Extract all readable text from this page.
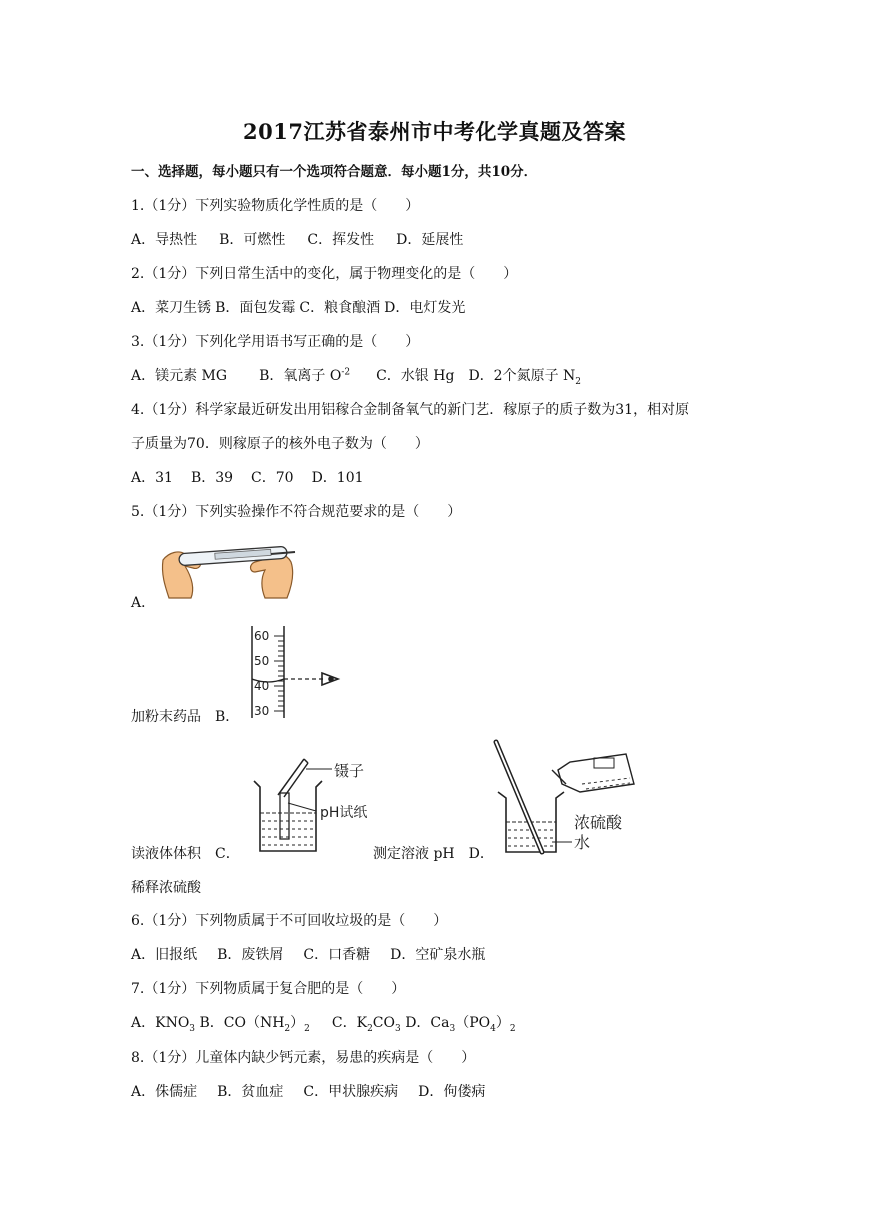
2017江苏省泰州市中考化学真题及答案
一、选择题，每小题只有一个选项符合题意．每小题1分，共10分．
1.（1分）下列实验物质化学性质的是（　　）
A．导热性 B．可燃性 C．挥发性 D．延展性
2.（1分）下列日常生活中的变化，属于物理变化的是（　　）
A．菜刀生锈 B．面包发霉 C．粮食酿酒 D．电灯发光
3.（1分）下列化学用语书写正确的是（　　）
A．镁元素 MG B．氧离子 $O^{-2}$ C．水银 Hg D．2个氮原子 $N_2$
4.（1分）科学家最近研发出用铝稼合金制备氧气的新门艺．稼原子的质子数为31，相对原
子质量为70．则稼原子的核外电子数为（　　）
A．31 B．39 C．70 D．101
5.（1分）下列实验操作不符合规范要求的是（　　）
A．
60
50
40
30
加粉末药品　B．
镊子
pH试纸
读液体体积　C．	测定溶液 pH　D．
浓硫酸
水
稀释浓硫酸
6.（1分）下列物质属于不可回收垃圾的是（　　）
A．旧报纸 B．废铁屑 C．口香糖 D．空矿泉水瓶
7.（1分）下列物质属于复合肥的是（　　）
A．$KNO_3$ B．$CO(NH_2)_2$ C．$K_2CO_3$ D．$Ca_3(PO_4)_2$
8.（1分）儿童体内缺少钙元素，易患的疾病是（　　）
A．侏儒症 B．贫血症 C．甲状腺疾病 D．佝偻病
